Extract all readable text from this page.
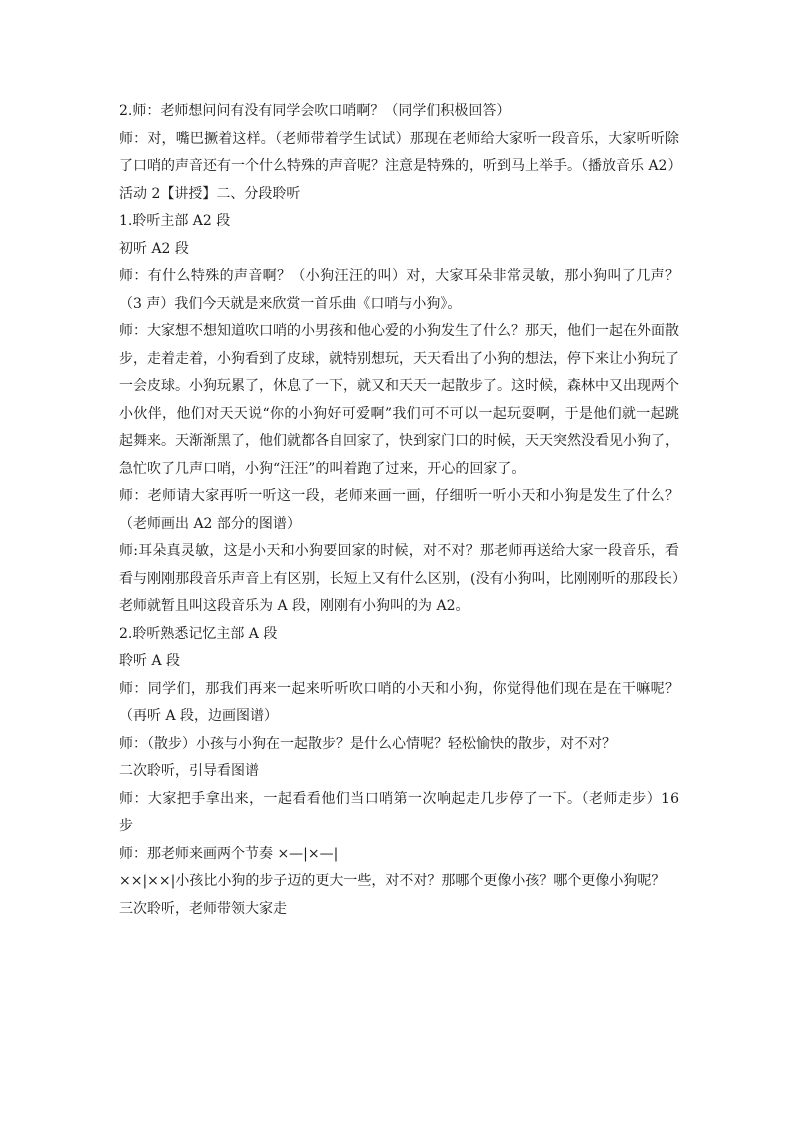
2.师：老师想问问有没有同学会吹口哨啊？（同学们积极回答）

师：对，嘴巴撅着这样。（老师带着学生试试）那现在老师给大家听一段音乐，大家听听除了口哨的声音还有一个什么特殊的声音呢？注意是特殊的，听到马上举手。（播放音乐 A2）

活动 2【讲授】二、分段聆听

1.聆听主部 A2 段

初听 A2 段

师：有什么特殊的声音啊？（小狗汪汪的叫）对，大家耳朵非常灵敏，那小狗叫了几声？（3 声）我们今天就是来欣赏一首乐曲《口哨与小狗》。

师：大家想不想知道吹口哨的小男孩和他心爱的小狗发生了什么？那天，他们一起在外面散步，走着走着，小狗看到了皮球，就特别想玩，天天看出了小狗的想法，停下来让小狗玩了一会皮球。小狗玩累了，休息了一下，就又和天天一起散步了。这时候，森林中又出现两个小伙伴，他们对天天说“你的小狗好可爱啊”我们可不可以一起玩耍啊，于是他们就一起跳起舞来。天渐渐黑了，他们就都各自回家了，快到家门口的时候，天天突然没看见小狗了，急忙吹了几声口哨，小狗“汪汪”的叫着跑了过来，开心的回家了。

师：老师请大家再听一听这一段，老师来画一画，仔细听一听小天和小狗是发生了什么？（老师画出 A2 部分的图谱）

师:耳朵真灵敏，这是小天和小狗要回家的时候，对不对？那老师再送给大家一段音乐，看看与刚刚那段音乐声音上有区别，长短上又有什么区别，(没有小狗叫，比刚刚听的那段长）老师就暂且叫这段音乐为 A 段，刚刚有小狗叫的为 A2。

2.聆听熟悉记忆主部 A 段

聆听 A 段

师：同学们，那我们再来一起来听听吹口哨的小天和小狗，你觉得他们现在是在干嘛呢？（再听 A 段，边画图谱）

师：（散步）小孩与小狗在一起散步？是什么心情呢？轻松愉快的散步，对不对？

二次聆听，引导看图谱

师：大家把手拿出来，一起看看他们当口哨第一次响起走几步停了一下。（老师走步）16 步

师：那老师来画两个节奏 ×—|×—|

××|××|小孩比小狗的步子迈的更大一些，对不对？那哪个更像小孩？哪个更像小狗呢？

三次聆听，老师带领大家走
